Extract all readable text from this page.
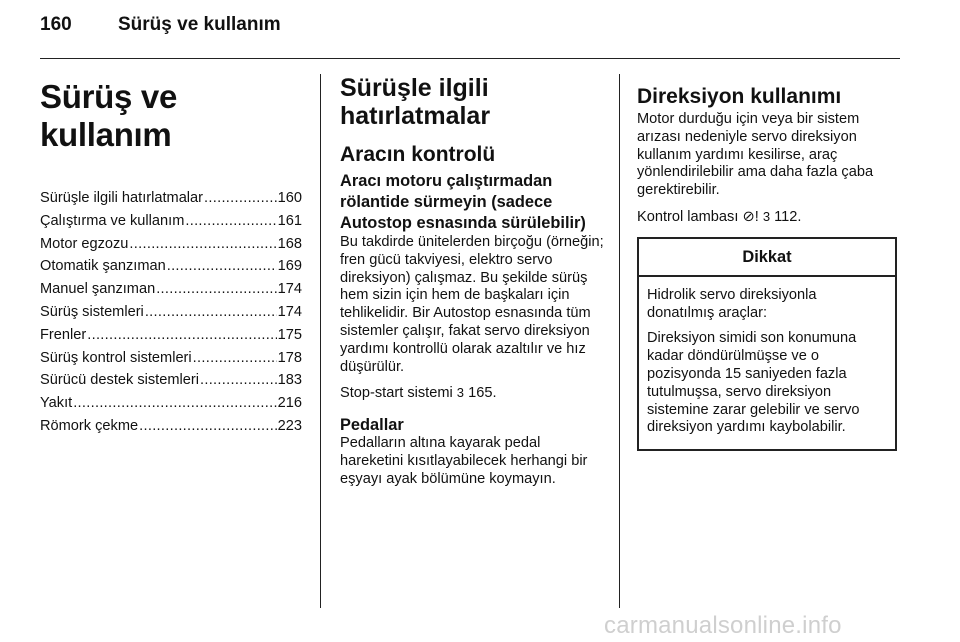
160 Sürüş ve kullanım
Sürüş ve kullanım
Sürüşle ilgili hatırlatmalar .....	160
Çalıştırma ve kullanım .....	161
Motor egzozu .....	168
Otomatik şanzıman .....	169
Manuel şanzıman .....	174
Sürüş sistemleri .....	174
Frenler .....	175
Sürüş kontrol sistemleri .....	178
Sürücü destek sistemleri .....	183
Yakıt .....	216
Römork çekme .....	223
Sürüşle ilgili
hatırlatmalar
Aracın kontrolü
Aracı motoru çalıştırmadan rölantide sürmeyin (sadece Autostop esnasında sürülebilir)

Bu takdirde ünitelerden birçoğu (örneğin; fren gücü takviyesi, elektro servo direksiyon) çalışmaz. Bu şekilde sürüş hem sizin için hem de başkaları için tehlikelidir. Bir Autostop esnasında tüm sistemler çalışır, fakat servo direksiyon yardımı kontrollü olarak azaltılır ve hız düşürülür.

Stop-start sistemi 3 165.

Pedallar

Pedalların altına kayarak pedal hareketini kısıtlayabilecek herhangi bir eşyayı ayak bölümüne koymayın.

Direksiyon kullanımı

Motor durduğu için veya bir sistem arızası nedeniyle servo direksiyon kullanım yardımı kesilirse, araç yönlendirilebilir ama daha fazla çaba gerektirebilir.

Kontrol lambası ⊘! 3 112.

Dikkat

Hidrolik servo direksiyonla donatılmış araçlar:

Direksiyon simidi son konumuna kadar döndürülmüşse ve o pozisyonda 15 saniyeden fazla tutulmuşsa, servo direksiyon sistemine zarar gelebilir ve servo direksiyon yardımı kaybolabilir.

carmanualsonline.info
